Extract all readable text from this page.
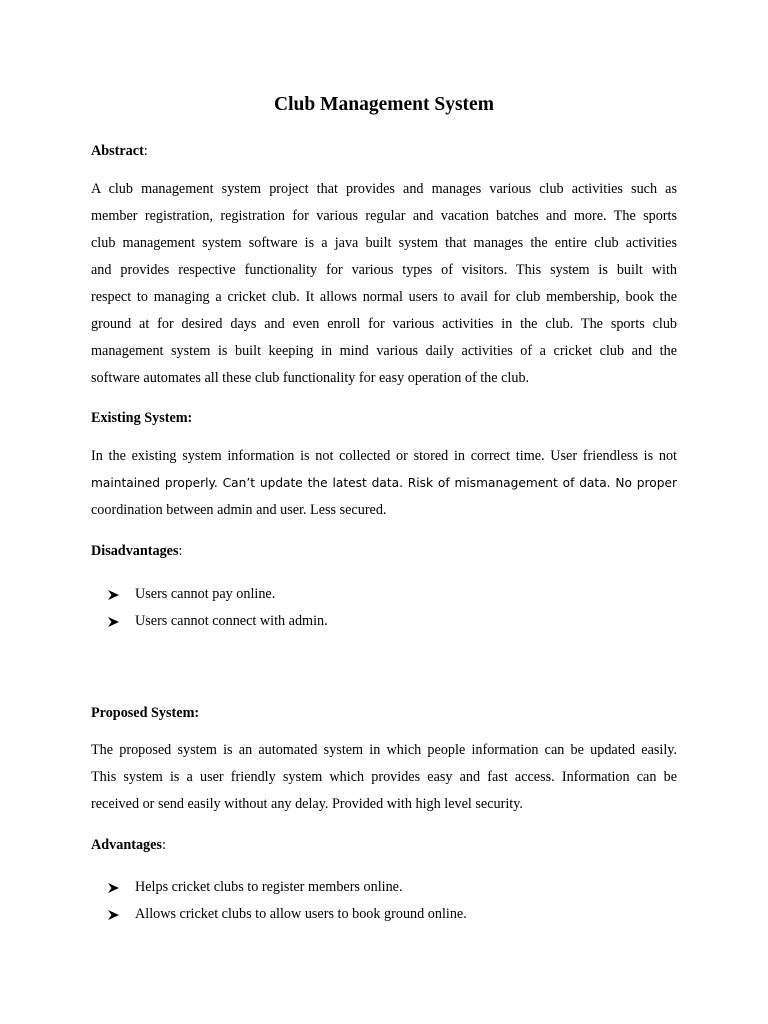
Club Management System
Abstract:
A club management system project that provides and manages various club activities such as
member registration, registration for various regular and vacation batches and more. The sports
club management system software is a java built system that manages the entire club activities
and provides respective functionality for various types of visitors. This system is built with
respect to managing a cricket club. It allows normal users to avail for club membership, book the
ground at for desired days and even enroll for various activities in the club. The sports club
management system is built keeping in mind various daily activities of a cricket club and the
software automates all these club functionality for easy operation of the club.
Existing System:
In the existing system information is not collected or stored in correct time. User friendless is not
maintained properly. Can’t update the latest data. Risk of mismanagement of data. No proper
coordination between admin and user. Less secured.
Disadvantages:
Users cannot pay online.
Users cannot connect with admin.
Proposed System:
The proposed system is an automated system in which people information can be updated easily.
This system is a user friendly system which provides easy and fast access. Information can be
received or send easily without any delay. Provided with high level security.
Advantages:
Helps cricket clubs to register members online.
Allows cricket clubs to allow users to book ground online.
